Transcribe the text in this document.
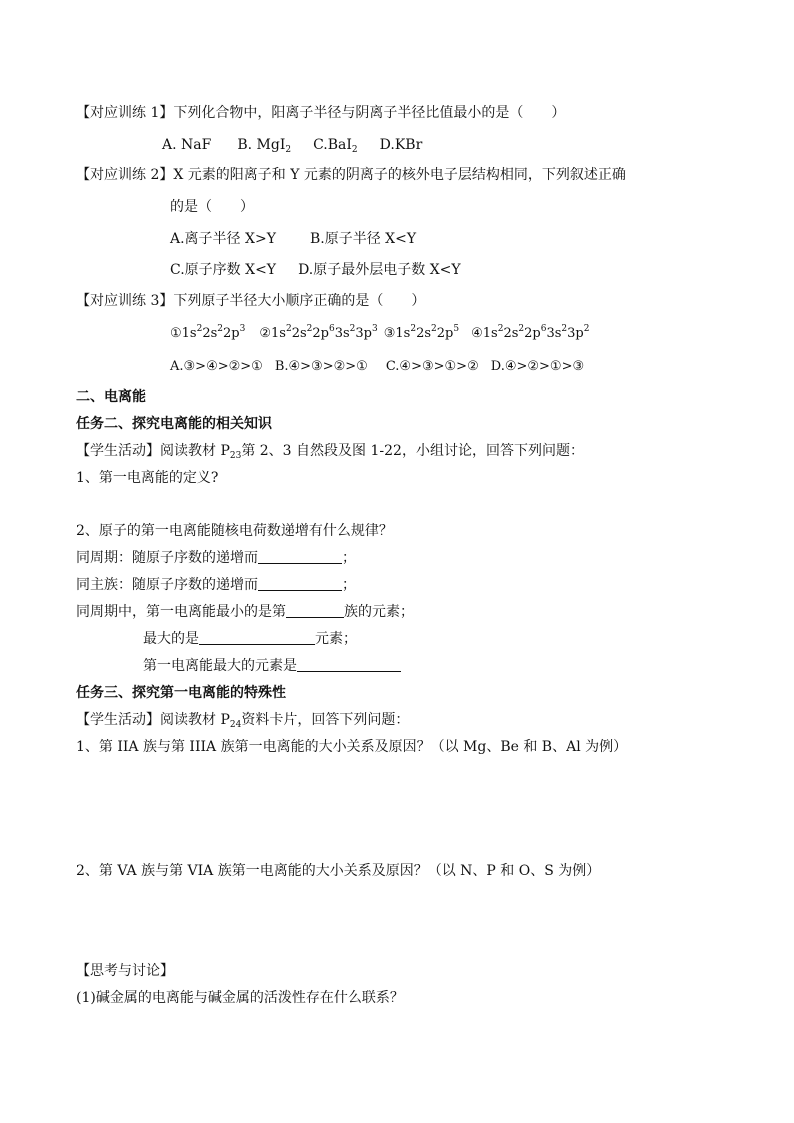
【对应训练 1】下列化合物中，阳离子半径与阴离子半径比值最小的是（　　）
A. NaF B. MgI$_2$ C.BaI$_2$ D.KBr
【对应训练 2】X 元素的阳离子和 Y 元素的阴离子的核外电子层结构相同，下列叙述正确
的是（　　）
A.离子半径 X>Y B.原子半径 X<Y
C.原子序数 X<Y D.原子最外层电子数 X<Y
【对应训练 3】下列原子半径大小顺序正确的是（　　）
$①1s^22s^22p^3$ $②1s^22s^22p^63s^23p^3$ $③1s^22s^22p^5$ $④1s^22s^22p^63s^23p^2$
A.③>④>②>① B.④>③>②>① C.④>③>①>② D.④>②>①>③
二、电离能
任务二、探究电离能的相关知识
【学生活动】阅读教材 $P_{23}$第 2、3 自然段及图 1-22，小组讨论，回答下列问题：
1、第一电离能的定义?
2、原子的第一电离能随核电荷数递增有什么规律？
同周期：随原子序数的递增而	；
同主族：随原子序数的递增而	；
同周期中，第一电离能最小的是第	族的元素；
最大的是	元素；
第一电离能最大的元素是
任务三、探究第一电离能的特殊性
【学生活动】阅读教材 $P_{24}$资料卡片，回答下列问题：
1、第 IIA 族与第 IIIA 族第一电离能的大小关系及原因？（以 Mg、Be 和 B、Al 为例）
2、第 VA 族与第 VIA 族第一电离能的大小关系及原因？（以 N、P 和 O、S 为例）
【思考与讨论】
(1)碱金属的电离能与碱金属的活泼性存在什么联系？
